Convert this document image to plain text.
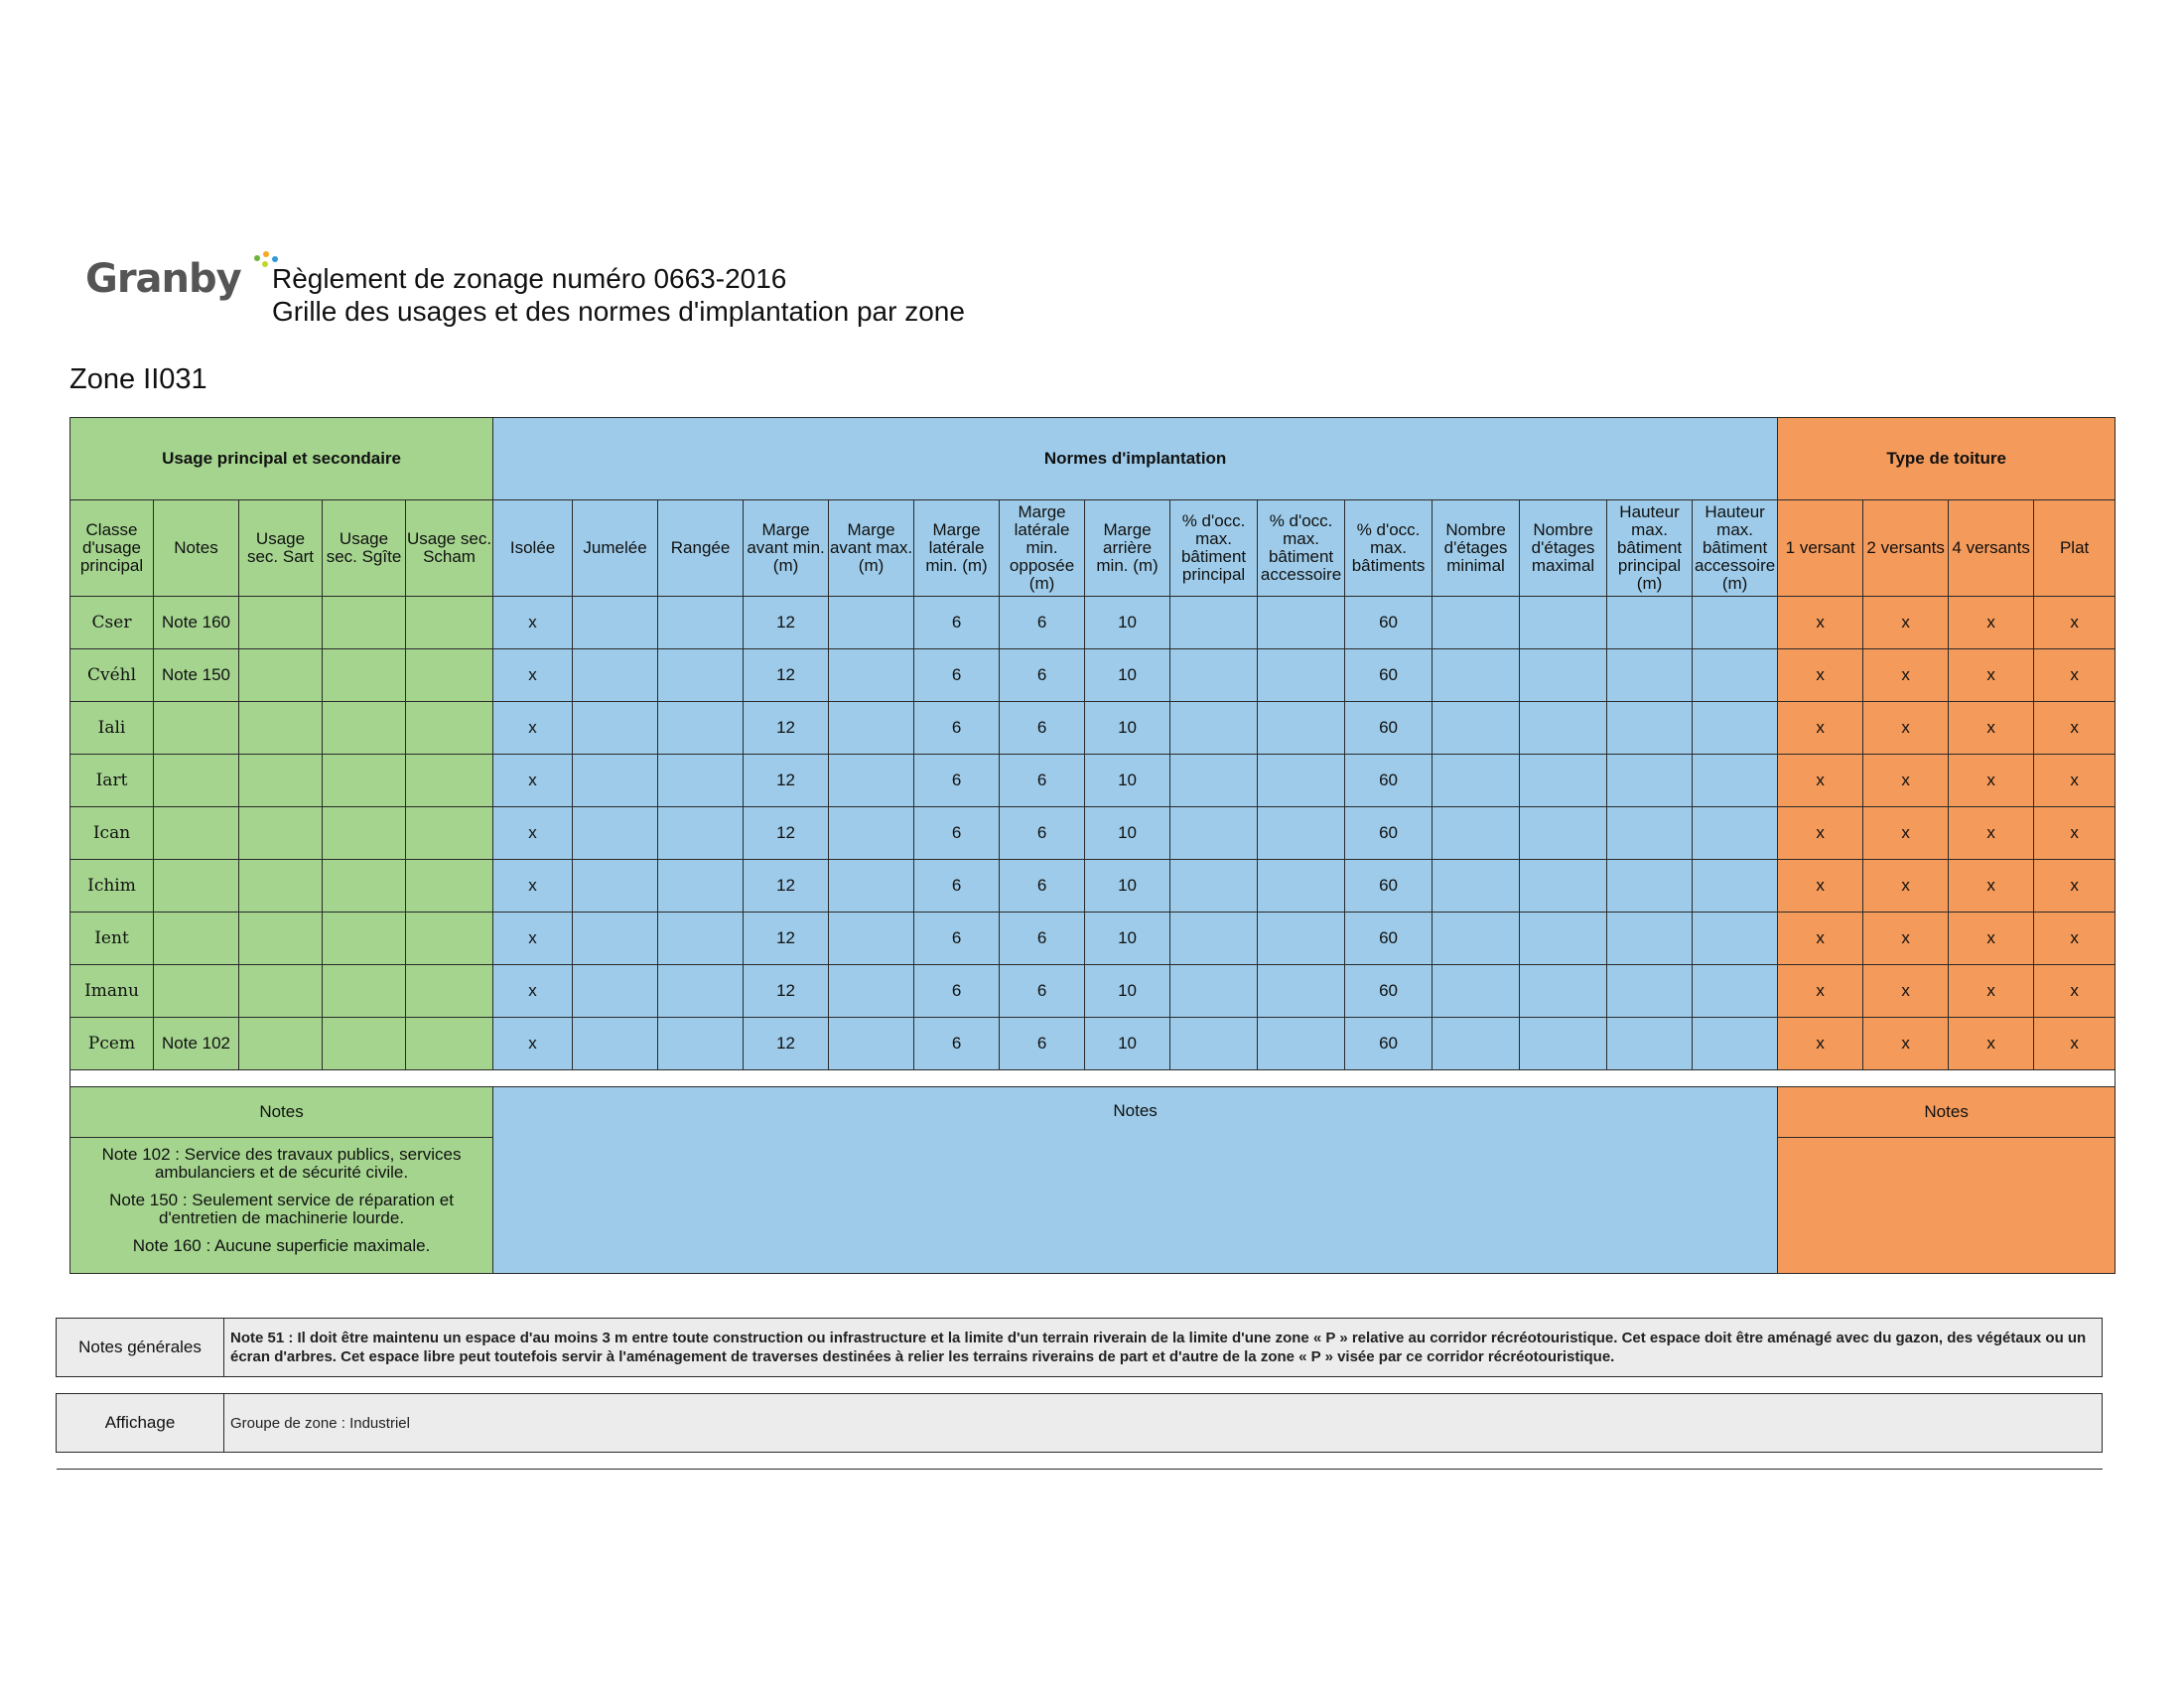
Granby Règlement de zonage numéro 0663-2016
Grille des usages et des normes d'implantation par zone
Zone II031
Usage principal et secondaire					Normes d'implantation															Type de toiture			
Classe d'usage principal	Notes	Usage sec. Sart	Usage sec. Sgîte	Usage sec. Scham	Isolée	Jumelée	Rangée	Marge avant min. (m)	Marge avant max. (m)	Marge latérale min. (m)	Marge latérale min. opposée (m)	Marge arrière min. (m)	% d'occ. max. bâtiment principal	% d'occ. max. bâtiment accessoire	% d'occ. max. bâtiments	Nombre d'étages minimal	Nombre d'étages maximal	Hauteur max. bâtiment principal (m)	Hauteur max. bâtiment accessoire (m)	1 versant	2 versants	4 versants	Plat
Cser	Note 160				x			12		6	6	10			60					x	x	x	x
Cvéhl	Note 150				x			12		6	6	10			60					x	x	x	x
Iali					x			12		6	6	10			60					x	x	x	x
Iart					x			12		6	6	10			60					x	x	x	x
Ican					x			12		6	6	10			60					x	x	x	x
Ichim					x			12		6	6	10			60					x	x	x	x
Ient					x			12		6	6	10			60					x	x	x	x
Imanu					x			12		6	6	10			60					x	x	x	x
Pcem	Note 102				x			12		6	6	10			60					x	x	x	x

Notes					Notes															Notes			

Note 102 : Service des travaux publics, services ambulanciers et de sécurité civile.
Note 150 : Seulement service de réparation et d'entretien de machinerie lourde.
Note 160 : Aucune superficie maximale.																							

Notes générales	Note 51 : Il doit être maintenu un espace d'au moins 3 m entre toute construction ou infrastructure et la limite d'un terrain riverain de la limite d'une zone « P » relative au corridor récréotouristique. Cet espace doit être aménagé avec du gazon, des végétaux ou un écran d'arbres. Cet espace libre peut toutefois servir à l'aménagement de traverses destinées à relier les terrains riverains de part et d'autre de la zone « P » visée par ce corridor récréotouristique.

Affichage	Groupe de zone : Industriel
